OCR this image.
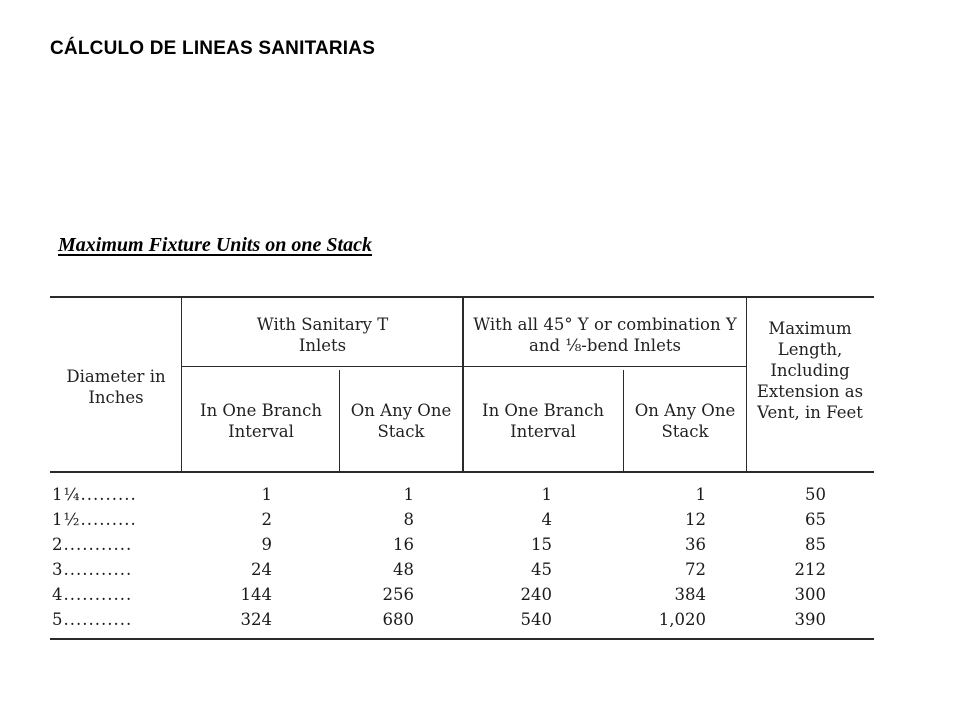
CÁLCULO DE LINEAS SANITARIAS
Maximum Fixture Units on one Stack
Diameter in Inches
With Sanitary T Inlets
In One Branch Interval
On Any One Stack
With all 45° Y or combination Y and ⅛-bend Inlets
In One Branch Interval
On Any One Stack
Maximum Length, Including Extension as Vent, in Feet
1¼.........	1	1	1	1	50
1½.........	2	8	4	12	65
2...........	9	16	15	36	85
3...........	24	48	45	72	212
4...........	144	256	240	384	300
5...........	324	680	540	1,020	390
